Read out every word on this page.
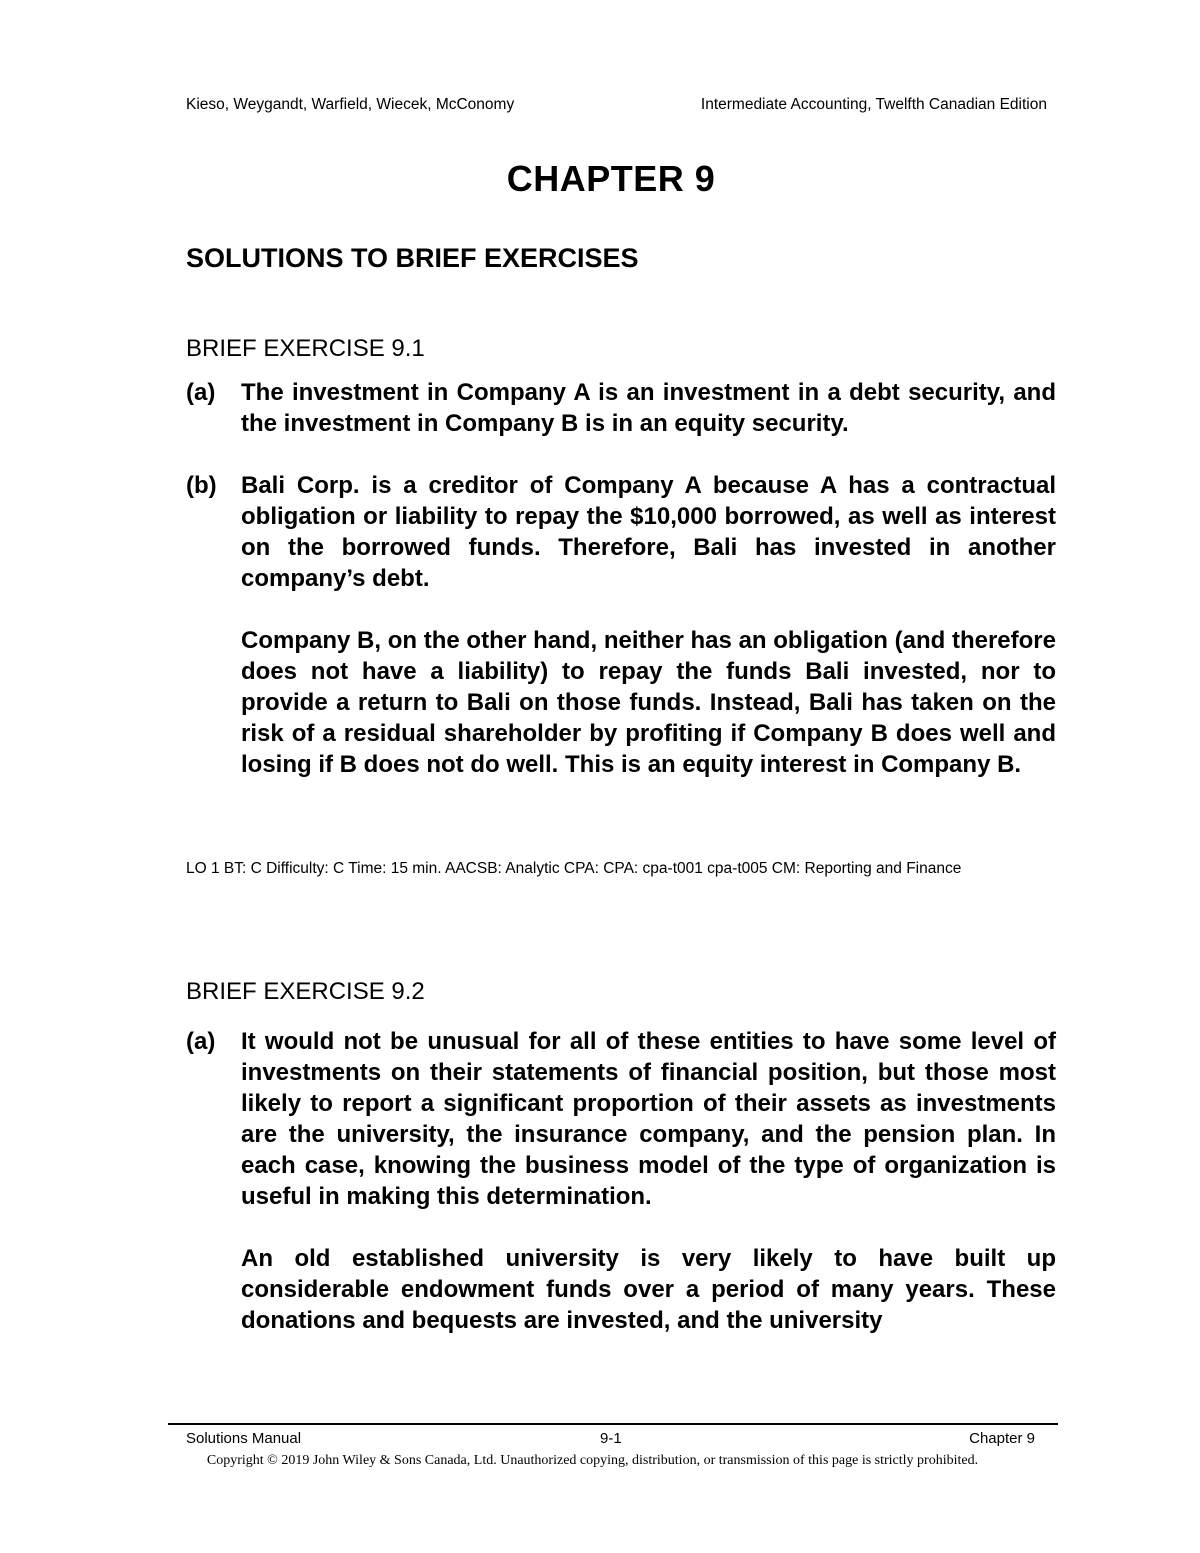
Kieso, Weygandt, Warfield, Wiecek, McConomy	Intermediate Accounting, Twelfth Canadian Edition
CHAPTER 9
SOLUTIONS TO BRIEF EXERCISES
BRIEF EXERCISE 9.1
(a) The investment in Company A is an investment in a debt security, and the investment in Company B is in an equity security.

(b) Bali Corp. is a creditor of Company A because A has a contractual obligation or liability to repay the $10,000 borrowed, as well as interest on the borrowed funds. Therefore, Bali has invested in another company’s debt.

Company B, on the other hand, neither has an obligation (and therefore does not have a liability) to repay the funds Bali invested, nor to provide a return to Bali on those funds. Instead, Bali has taken on the risk of a residual shareholder by profiting if Company B does well and losing if B does not do well. This is an equity interest in Company B.

LO 1 BT: C Difficulty: C Time: 15 min. AACSB: Analytic CPA: CPA: cpa-t001 cpa-t005 CM: Reporting and Finance
BRIEF EXERCISE 9.2
(a) It would not be unusual for all of these entities to have some level of investments on their statements of financial position, but those most likely to report a significant proportion of their assets as investments are the university, the insurance company, and the pension plan. In each case, knowing the business model of the type of organization is useful in making this determination.

An old established university is very likely to have built up considerable endowment funds over a period of many years. These donations and bequests are invested, and the university

Solutions Manual	9-1	Chapter 9
Copyright © 2019 John Wiley & Sons Canada, Ltd. Unauthorized copying, distribution, or transmission of this page is strictly prohibited.
